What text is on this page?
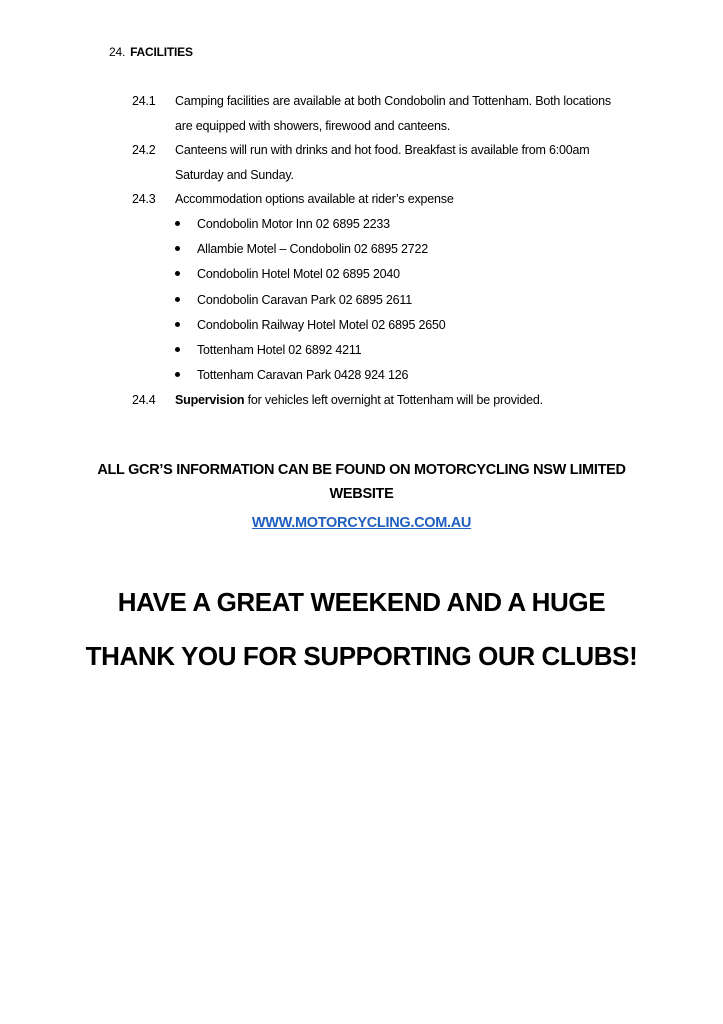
24. FACILITIES
24.1 Camping facilities are available at both Condobolin and Tottenham. Both locations
are equipped with showers, firewood and canteens.
24.2 Canteens will run with drinks and hot food. Breakfast is available from 6:00am
Saturday and Sunday.
24.3 Accommodation options available at rider’s expense
Condobolin Motor Inn 02 6895 2233
Allambie Motel – Condobolin 02 6895 2722
Condobolin Hotel Motel 02 6895 2040
Condobolin Caravan Park 02 6895 2611
Condobolin Railway Hotel Motel 02 6895 2650
Tottenham Hotel 02 6892 4211
Tottenham Caravan Park 0428 924 126
24.4 Supervision for vehicles left overnight at Tottenham will be provided.
ALL GCR’S INFORMATION CAN BE FOUND ON MOTORCYCLING NSW LIMITED
WEBSITE
WWW.MOTORCYCLING.COM.AU
HAVE A GREAT WEEKEND AND A HUGE
THANK YOU FOR SUPPORTING OUR CLUBS!
